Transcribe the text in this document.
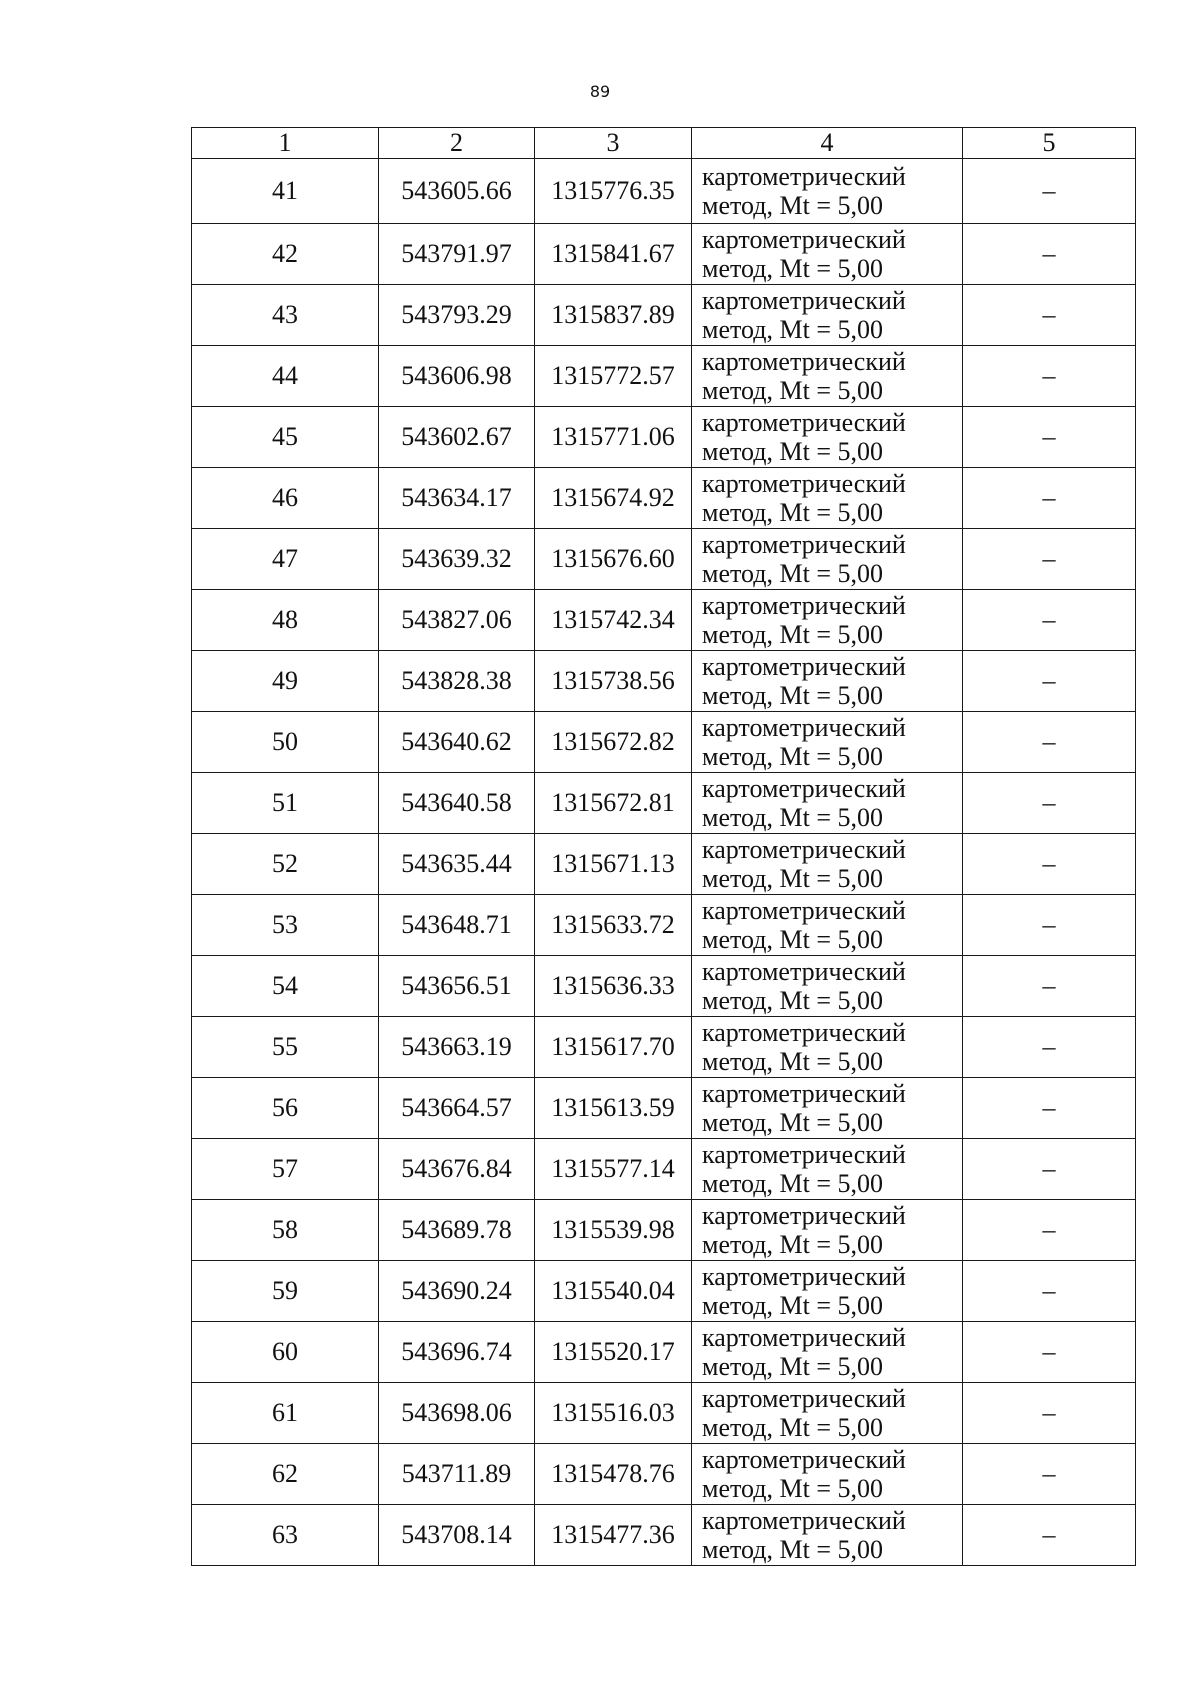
89
1	2	3	4	5
41	543605.66	1315776.35	картометрический
метод, Mt = 5,00	–
42	543791.97	1315841.67	картометрический
метод, Mt = 5,00	–
43	543793.29	1315837.89	картометрический
метод, Mt = 5,00	–
44	543606.98	1315772.57	картометрический
метод, Mt = 5,00	–
45	543602.67	1315771.06	картометрический
метод, Mt = 5,00	–
46	543634.17	1315674.92	картометрический
метод, Mt = 5,00	–
47	543639.32	1315676.60	картометрический
метод, Mt = 5,00	–
48	543827.06	1315742.34	картометрический
метод, Mt = 5,00	–
49	543828.38	1315738.56	картометрический
метод, Mt = 5,00	–
50	543640.62	1315672.82	картометрический
метод, Mt = 5,00	–
51	543640.58	1315672.81	картометрический
метод, Mt = 5,00	–
52	543635.44	1315671.13	картометрический
метод, Mt = 5,00	–
53	543648.71	1315633.72	картометрический
метод, Mt = 5,00	–
54	543656.51	1315636.33	картометрический
метод, Mt = 5,00	–
55	543663.19	1315617.70	картометрический
метод, Mt = 5,00	–
56	543664.57	1315613.59	картометрический
метод, Mt = 5,00	–
57	543676.84	1315577.14	картометрический
метод, Mt = 5,00	–
58	543689.78	1315539.98	картометрический
метод, Mt = 5,00	–
59	543690.24	1315540.04	картометрический
метод, Mt = 5,00	–
60	543696.74	1315520.17	картометрический
метод, Mt = 5,00	–
61	543698.06	1315516.03	картометрический
метод, Mt = 5,00	–
62	543711.89	1315478.76	картометрический
метод, Mt = 5,00	–
63	543708.14	1315477.36	картометрический
метод, Mt = 5,00	–
